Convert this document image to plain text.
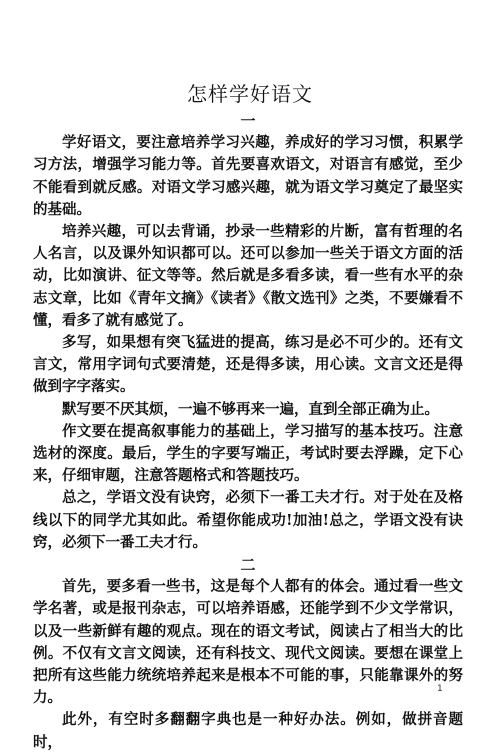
怎样学好语文
一

学好语文，要注意培养学习兴趣，养成好的学习习惯，积累学习方法，增强学习能力等。首先要喜欢语文，对语言有感觉，至少不能看到就反感。对语文学习感兴趣，就为语文学习奠定了最坚实的基础。

培养兴趣，可以去背诵，抄录一些精彩的片断，富有哲理的名人名言，以及课外知识都可以。还可以参加一些关于语文方面的活动，比如演讲、征文等等。然后就是多看多读，看一些有水平的杂志文章，比如《青年文摘》《读者》《散文选刊》之类，不要嫌看不懂，看多了就有感觉了。

多写，如果想有突飞猛进的提高，练习是必不可少的。还有文言文，常用字词句式要清楚，还是得多读，用心读。文言文还是得做到字字落实。

默写要不厌其烦，一遍不够再来一遍，直到全部正确为止。

作文要在提高叙事能力的基础上，学习描写的基本技巧。注意选材的深度。最后，学生的字要写端正，考试时要去浮躁，定下心来，仔细审题，注意答题格式和答题技巧。

总之，学语文没有诀窍，必须下一番工夫才行。对于处在及格线以下的同学尤其如此。希望你能成功!加油!总之，学语文没有诀窍，必须下一番工夫才行。

二

首先，要多看一些书，这是每个人都有的体会。通过看一些文学名著，或是报刊杂志，可以培养语感，还能学到不少文学常识，以及一些新鲜有趣的观点。现在的语文考试，阅读占了相当大的比例。不仅有文言文阅读，还有科技文、现代文阅读。要想在课堂上把所有这些能力统统培养起来是根本不可能的事，只能靠课外的努力。

此外，有空时多翻翻字典也是一种好办法。例如，做拼音题时，

1
